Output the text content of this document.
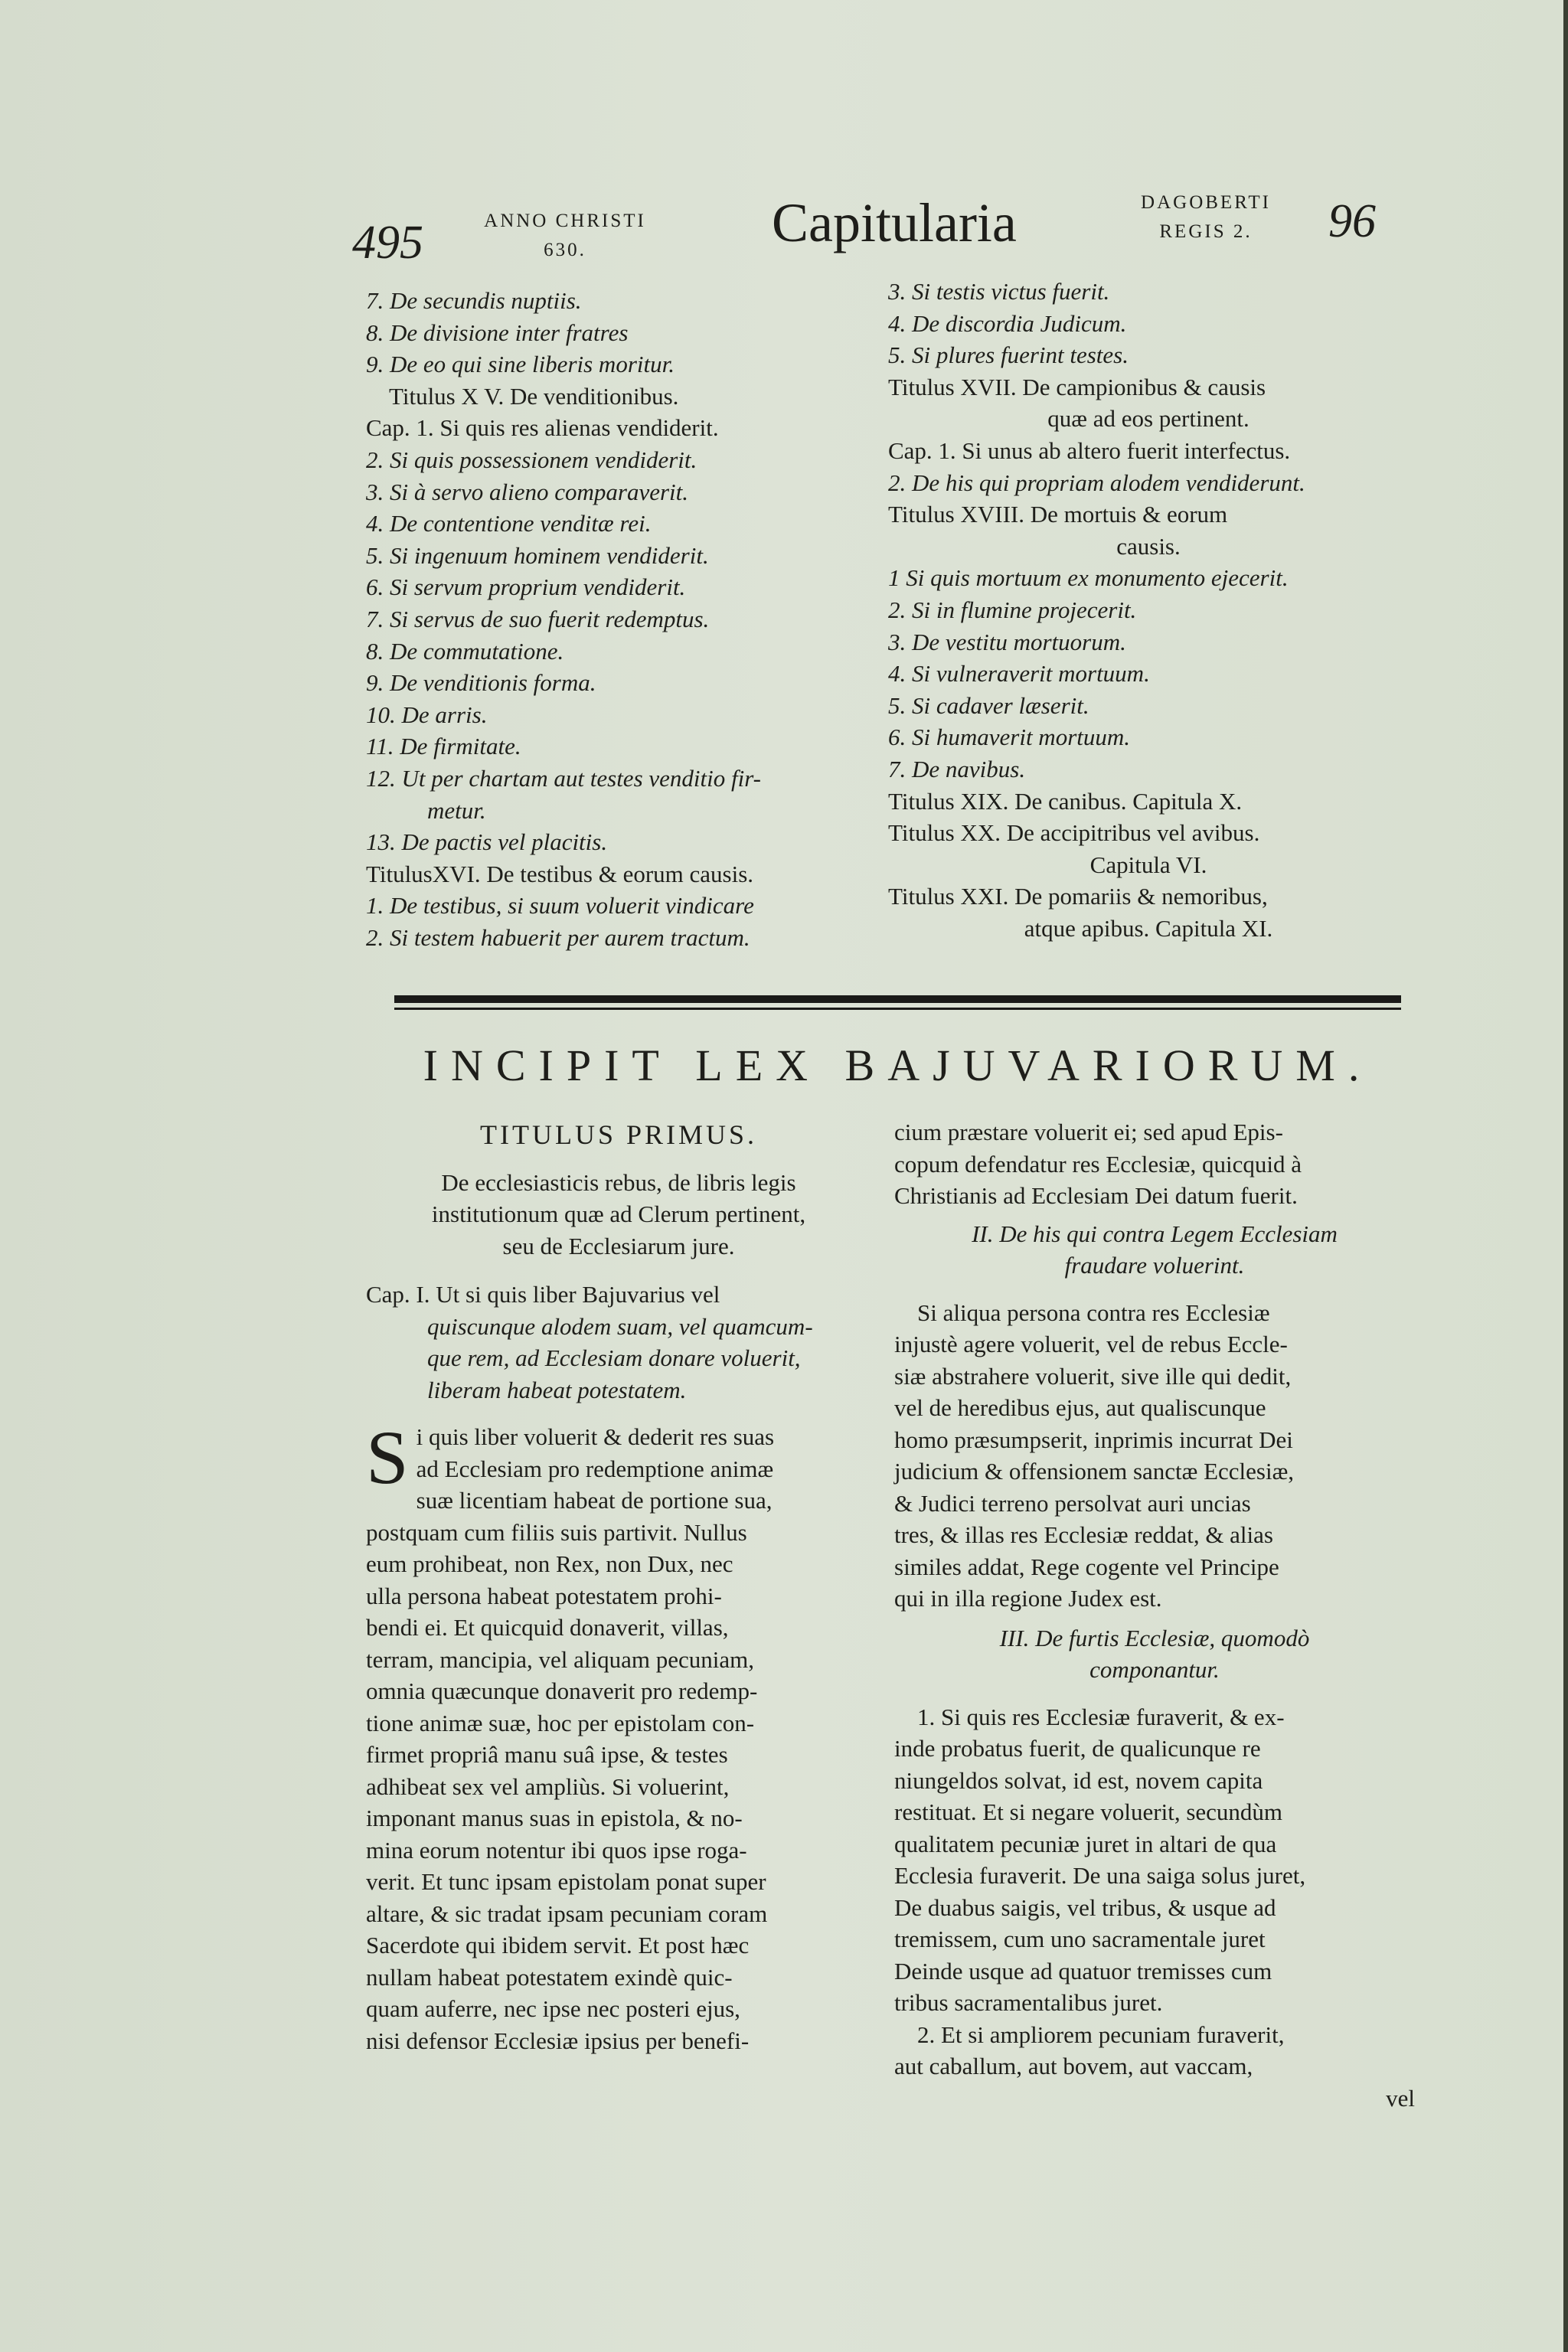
495	ANNO CHRISTI
630.	Capitularia	DAGOBERTI
REGIS 2.	96
7. De secundis nuptiis.
8. De divisione inter fratres
9. De eo qui sine liberis moritur.
Titulus X V. De venditionibus.
Cap. 1. Si quis res alienas vendiderit.
2. Si quis possessionem vendiderit.
3. Si à servo alieno comparaverit.
4. De contentione venditæ rei.
5. Si ingenuum hominem vendiderit.
6. Si servum proprium vendiderit.
7. Si servus de suo fuerit redemptus.
8. De commutatione.
9. De venditionis forma.
10. De arris.
11. De firmitate.
12. Ut per chartam aut testes venditio fir-
metur.
13. De pactis vel placitis.
TitulusXVI. De testibus & eorum causis.
1. De testibus, si suum voluerit vindicare
2. Si testem habuerit per aurem tractum.
3. Si testis victus fuerit.
4. De discordia Judicum.
5. Si plures fuerint testes.
Titulus XVII. De campionibus & causis
quæ ad eos pertinent.
Cap. 1. Si unus ab altero fuerit interfectus.
2. De his qui propriam alodem vendiderunt.
Titulus XVIII. De mortuis & eorum
causis.
1 Si quis mortuum ex monumento ejecerit.
2. Si in flumine projecerit.
3. De vestitu mortuorum.
4. Si vulneraverit mortuum.
5. Si cadaver læserit.
6. Si humaverit mortuum.
7. De navibus.
Titulus XIX. De canibus. Capitula X.
Titulus XX. De accipitribus vel avibus.
Capitula VI.
Titulus XXI. De pomariis & nemoribus,
atque apibus. Capitula XI.
INCIPIT LEX BAJUVARIORUM.
TITULUS PRIMUS.
De ecclesiasticis rebus, de libris legis
institutionum quæ ad Clerum pertinent,
seu de Ecclesiarum jure.
Cap. I. Ut si quis liber Bajuvarius vel
quiscunque alodem suam, vel quamcum-
que rem, ad Ecclesiam donare voluerit,
liberam habeat potestatem.
S i quis liber voluerit & dederit res suas
ad Ecclesiam pro redemptione animæ
suæ licentiam habeat de portione sua,
postquam cum filiis suis partivit. Nullus
eum prohibeat, non Rex, non Dux, nec
ulla persona habeat potestatem prohi-
bendi ei. Et quicquid donaverit, villas,
terram, mancipia, vel aliquam pecuniam,
omnia quæcunque donaverit pro redemp-
tione animæ suæ, hoc per epistolam con-
firmet propriâ manu suâ ipse, & testes
adhibeat sex vel ampliùs. Si voluerint,
imponant manus suas in epistola, & no-
mina eorum notentur ibi quos ipse roga-
verit. Et tunc ipsam epistolam ponat super
altare, & sic tradat ipsam pecuniam coram
Sacerdote qui ibidem servit. Et post hæc
nullam habeat potestatem exindè quic-
quam auferre, nec ipse nec posteri ejus,
nisi defensor Ecclesiæ ipsius per benefi-
cium præstare voluerit ei; sed apud Epis-
copum defendatur res Ecclesiæ, quicquid à
Christianis ad Ecclesiam Dei datum fuerit.
II. De his qui contra Legem Ecclesiam
fraudare voluerint.
Si aliqua persona contra res Ecclesiæ
injustè agere voluerit, vel de rebus Eccle-
siæ abstrahere voluerit, sive ille qui dedit,
vel de heredibus ejus, aut qualiscunque
homo præsumpserit, inprimis incurrat Dei
judicium & offensionem sanctæ Ecclesiæ,
& Judici terreno persolvat auri uncias
tres, & illas res Ecclesiæ reddat, & alias
similes addat, Rege cogente vel Principe
qui in illa regione Judex est.
III. De furtis Ecclesiæ, quomodò
componantur.
1. Si quis res Ecclesiæ furaverit, & ex-
inde probatus fuerit, de qualicunque re
niungeldos solvat, id est, novem capita
restituat. Et si negare voluerit, secundùm
qualitatem pecuniæ juret in altari de qua
Ecclesia furaverit. De una saiga solus juret,
De duabus saigis, vel tribus, & usque ad
tremissem, cum uno sacramentale juret
Deinde usque ad quatuor tremisses cum
tribus sacramentalibus juret.
2. Et si ampliorem pecuniam furaverit,
aut caballum, aut bovem, aut vaccam,
vel
